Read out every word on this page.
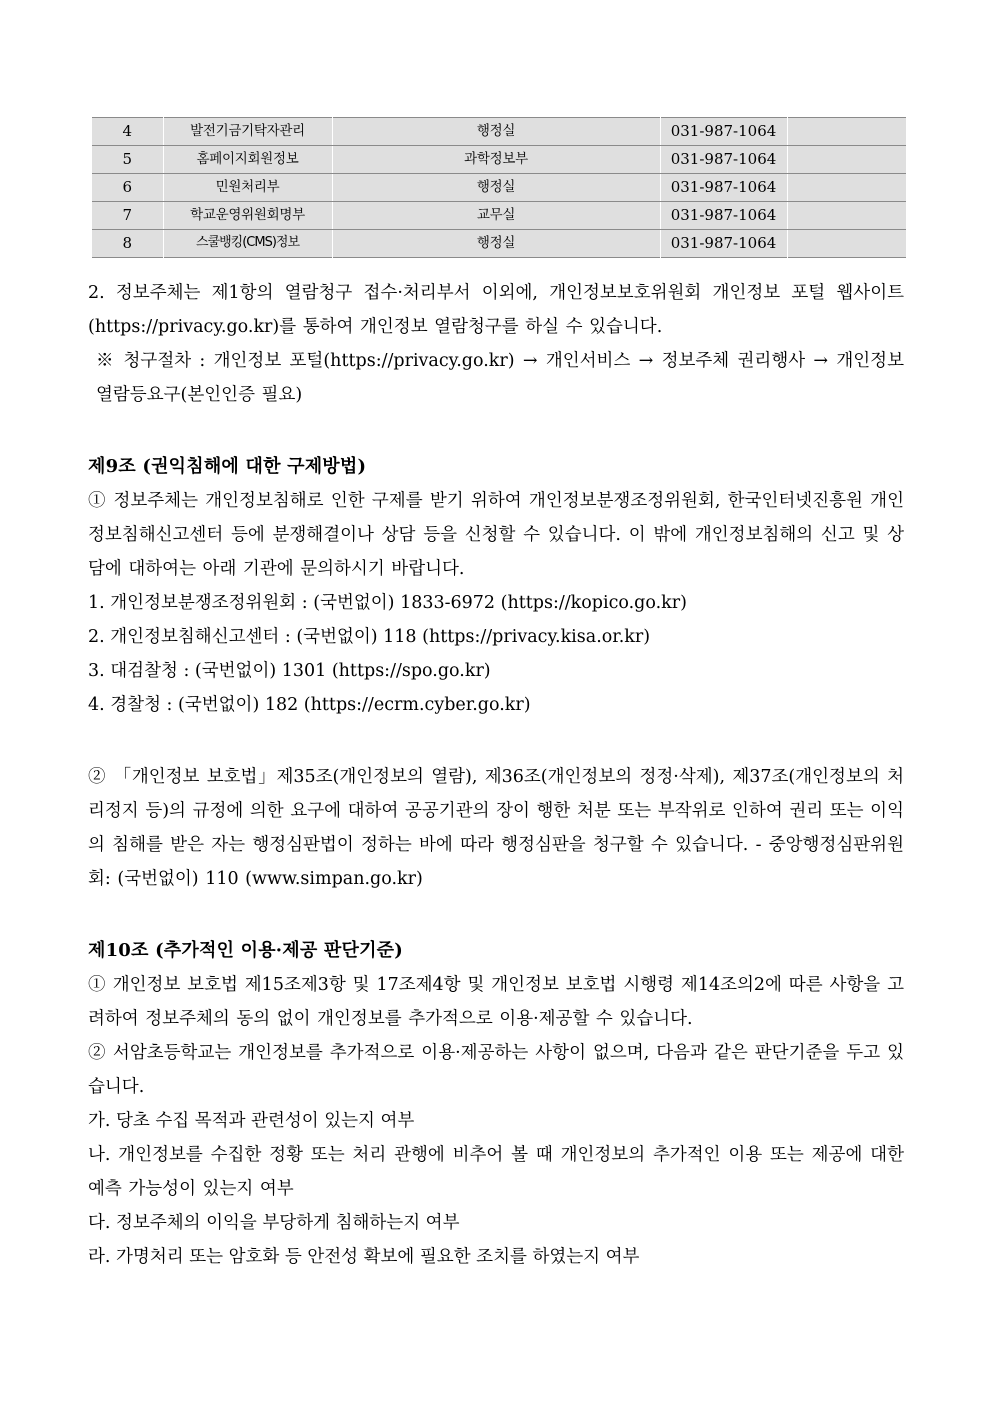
4	발전기금기탁자관리	행정실	031-987-1064	
5	홈페이지회원정보	과학정보부	031-987-1064	
6	민원처리부	행정실	031-987-1064	
7	학교운영위원회명부	교무실	031-987-1064	
8	스쿨뱅킹(CMS)정보	행정실	031-987-1064	

2. 정보주체는 제1항의 열람청구 접수·처리부서 이외에, 개인정보보호위원회 개인정보 포털 웹사이트(https://privacy.go.kr)를 통하여 개인정보 열람청구를 하실 수 있습니다.

※ 청구절차 : 개인정보 포털(https://privacy.go.kr) → 개인서비스 → 정보주체 권리행사 → 개인정보 열람등요구(본인인증 필요)

제9조 (권익침해에 대한 구제방법)

① 정보주체는 개인정보침해로 인한 구제를 받기 위하여 개인정보분쟁조정위원회, 한국인터넷진흥원 개인정보침해신고센터 등에 분쟁해결이나 상담 등을 신청할 수 있습니다. 이 밖에 개인정보침해의 신고 및 상담에 대하여는 아래 기관에 문의하시기 바랍니다.

1. 개인정보분쟁조정위원회 : (국번없이) 1833-6972 (https://kopico.go.kr)

2. 개인정보침해신고센터 : (국번없이) 118 (https://privacy.kisa.or.kr)

3. 대검찰청 : (국번없이) 1301 (https://spo.go.kr)

4. 경찰청 : (국번없이) 182 (https://ecrm.cyber.go.kr)

② 「개인정보 보호법」제35조(개인정보의 열람), 제36조(개인정보의 정정·삭제), 제37조(개인정보의 처리정지 등)의 규정에 의한 요구에 대하여 공공기관의 장이 행한 처분 또는 부작위로 인하여 권리 또는 이익의 침해를 받은 자는 행정심판법이 정하는 바에 따라 행정심판을 청구할 수 있습니다. - 중앙행정심판위원회: (국번없이) 110 (www.simpan.go.kr)

제10조 (추가적인 이용·제공 판단기준)

① 개인정보 보호법 제15조제3항 및 17조제4항 및 개인정보 보호법 시행령 제14조의2에 따른 사항을 고려하여 정보주체의 동의 없이 개인정보를 추가적으로 이용·제공할 수 있습니다.

② 서암초등학교는 개인정보를 추가적으로 이용·제공하는 사항이 없으며, 다음과 같은 판단기준을 두고 있습니다.

가. 당초 수집 목적과 관련성이 있는지 여부

나. 개인정보를 수집한 정황 또는 처리 관행에 비추어 볼 때 개인정보의 추가적인 이용 또는 제공에 대한 예측 가능성이 있는지 여부

다. 정보주체의 이익을 부당하게 침해하는지 여부

라. 가명처리 또는 암호화 등 안전성 확보에 필요한 조치를 하였는지 여부
